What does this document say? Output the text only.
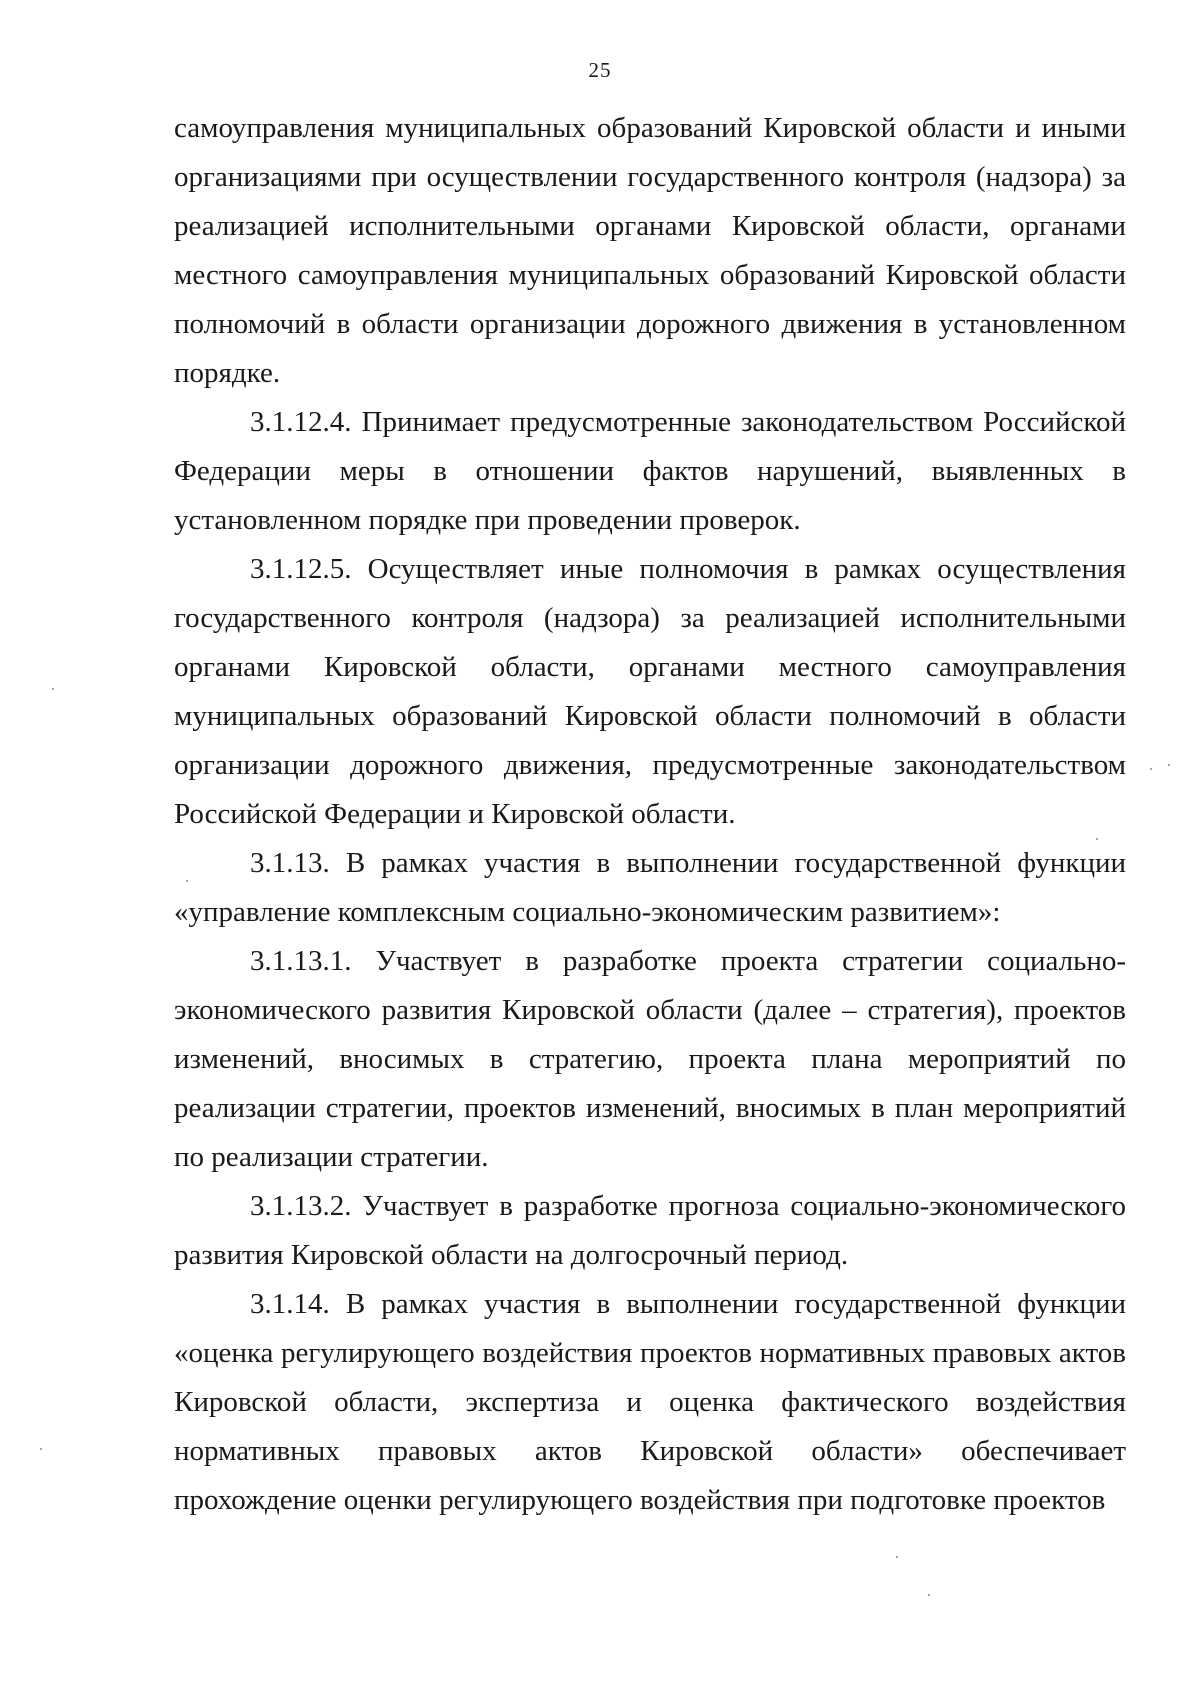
25

самоуправления муниципальных образований Кировской области и иными организациями при осуществлении государственного контроля (надзора) за реализацией исполнительными органами Кировской области, органами местного самоуправления муниципальных образований Кировской области полномочий в области организации дорожного движения в установленном порядке.

3.1.12.4. Принимает предусмотренные законодательством Российской Федерации меры в отношении фактов нарушений, выявленных в установленном порядке при проведении проверок.

3.1.12.5. Осуществляет иные полномочия в рамках осуществления государственного контроля (надзора) за реализацией исполнительными органами Кировской области, органами местного самоуправления муниципальных образований Кировской области полномочий в области организации дорожного движения, предусмотренные законодательством Российской Федерации и Кировской области.

3.1.13. В рамках участия в выполнении государственной функции «управление комплексным социально-экономическим развитием»:

3.1.13.1. Участвует в разработке проекта стратегии социально-экономического развития Кировской области (далее – стратегия), проектов изменений, вносимых в стратегию, проекта плана мероприятий по реализации стратегии, проектов изменений, вносимых в план мероприятий по реализации стратегии.

3.1.13.2. Участвует в разработке прогноза социально-экономического развития Кировской области на долгосрочный период.

3.1.14. В рамках участия в выполнении государственной функции «оценка регулирующего воздействия проектов нормативных правовых актов Кировской области, экспертиза и оценка фактического воздействия нормативных правовых актов Кировской области» обеспечивает прохождение оценки регулирующего воздействия при подготовке проектов
